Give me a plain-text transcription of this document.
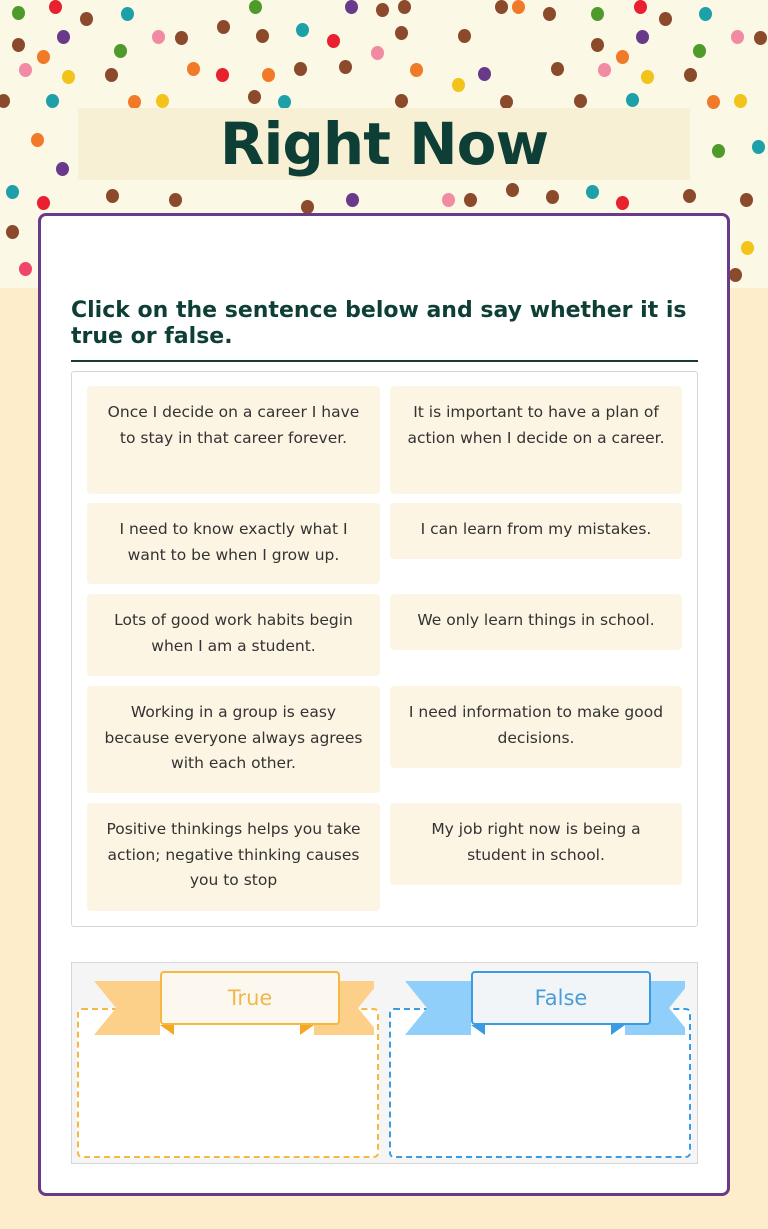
Right Now
Click on the sentence below and say whether it is true or false.
Once I decide on a career I have to stay in that career forever.
I need to know exactly what I want to be when I grow up.
Lots of good work habits begin when I am a student.
Working in a group is easy because everyone always agrees with each other.
Positive thinkings helps you take action; negative thinking causes you to stop
It is important to have a plan of action when I decide on a career.
I can learn from my mistakes.
We only learn things in school.
I need information to make good decisions.
My job right now is being a student in school.
True	False
